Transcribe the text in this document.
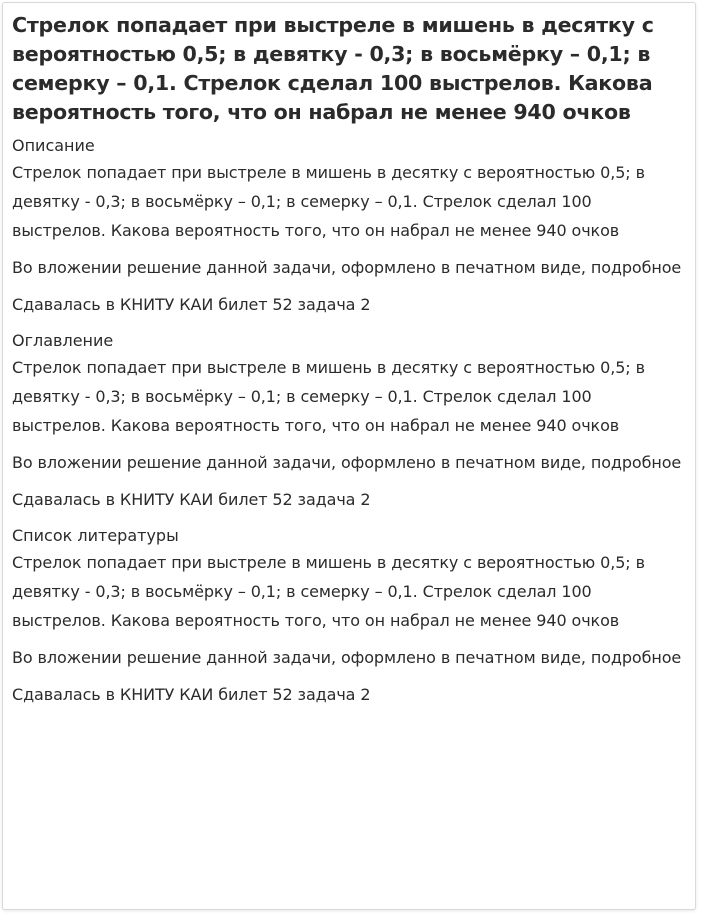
Стрелок попадает при выстреле в мишень в десятку с вероятностью 0,5; в девятку - 0,3; в восьмёрку – 0,1; в семерку – 0,1. Стрелок сделал 100 выстрелов. Какова вероятность того, что он набрал не менее 940 очков
Описание

Стрелок попадает при выстреле в мишень в десятку с вероятностью 0,5; в девятку - 0,3; в восьмёрку – 0,1; в семерку – 0,1. Стрелок сделал 100 выстрелов. Какова вероятность того, что он набрал не менее 940 очков

Во вложении решение данной задачи, оформлено в печатном виде, подробное

Сдавалась в КНИТУ КАИ билет 52 задача 2

Оглавление

Стрелок попадает при выстреле в мишень в десятку с вероятностью 0,5; в девятку - 0,3; в восьмёрку – 0,1; в семерку – 0,1. Стрелок сделал 100 выстрелов. Какова вероятность того, что он набрал не менее 940 очков

Во вложении решение данной задачи, оформлено в печатном виде, подробное

Сдавалась в КНИТУ КАИ билет 52 задача 2

Список литературы

Стрелок попадает при выстреле в мишень в десятку с вероятностью 0,5; в девятку - 0,3; в восьмёрку – 0,1; в семерку – 0,1. Стрелок сделал 100 выстрелов. Какова вероятность того, что он набрал не менее 940 очков

Во вложении решение данной задачи, оформлено в печатном виде, подробное

Сдавалась в КНИТУ КАИ билет 52 задача 2
